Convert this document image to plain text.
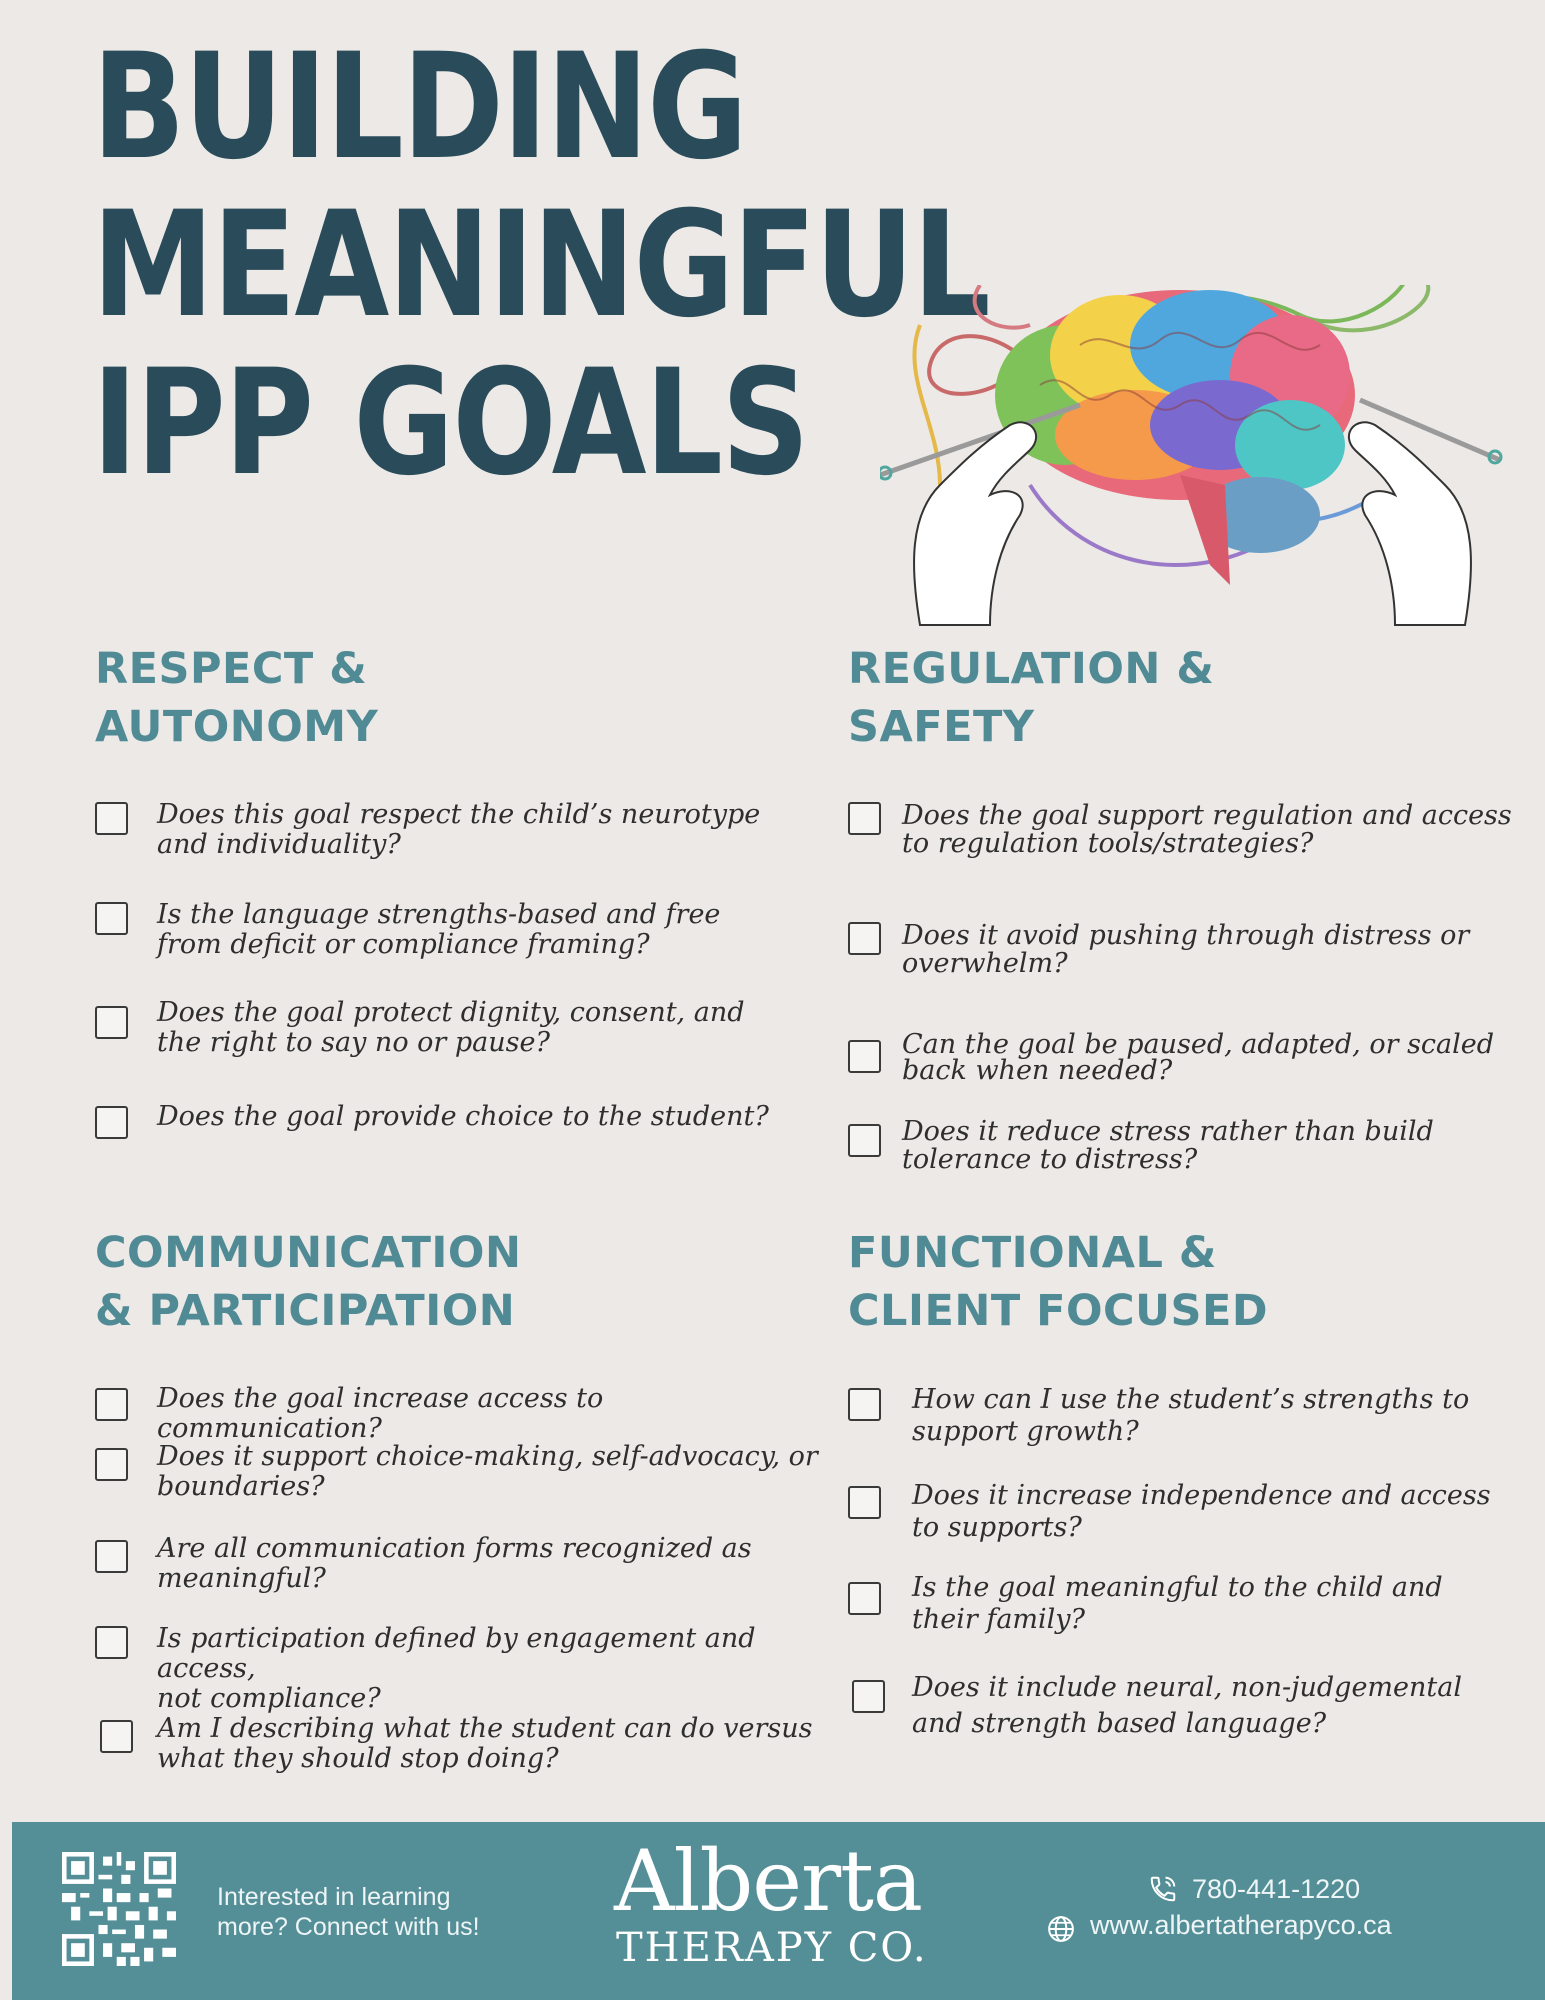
BUILDING
MEANINGFUL
IPP GOALS
RESPECT &
AUTONOMY
Does this goal respect the child’s neurotype
and individuality?
Is the language strengths-based and free
from deficit or compliance framing?
Does the goal protect dignity, consent, and
the right to say no or pause?
Does the goal provide choice to the student?
REGULATION &
SAFETY
Does the goal support regulation and access
to regulation tools/strategies?
Does it avoid pushing through distress or
overwhelm?
Can the goal be paused, adapted, or scaled
back when needed?
Does it reduce stress rather than build
tolerance to distress?
COMMUNICATION
& PARTICIPATION
Does the goal increase access to communication?
Does it support choice-making, self-advocacy, or
boundaries?
Are all communication forms recognized as
meaningful?
Is participation defined by engagement and access,
not compliance?
Am I describing what the student can do versus
what they should stop doing?
FUNCTIONAL &
CLIENT FOCUSED
How can I use the student’s strengths to
support growth?
Does it increase independence and access
to supports?
Is the goal meaningful to the child and
their family?
Does it include neural, non-judgemental
and strength based language?
Interested in learning
more? Connect with us! Alberta
THERAPY CO.
780-441-1220
www.albertatherapyco.ca
